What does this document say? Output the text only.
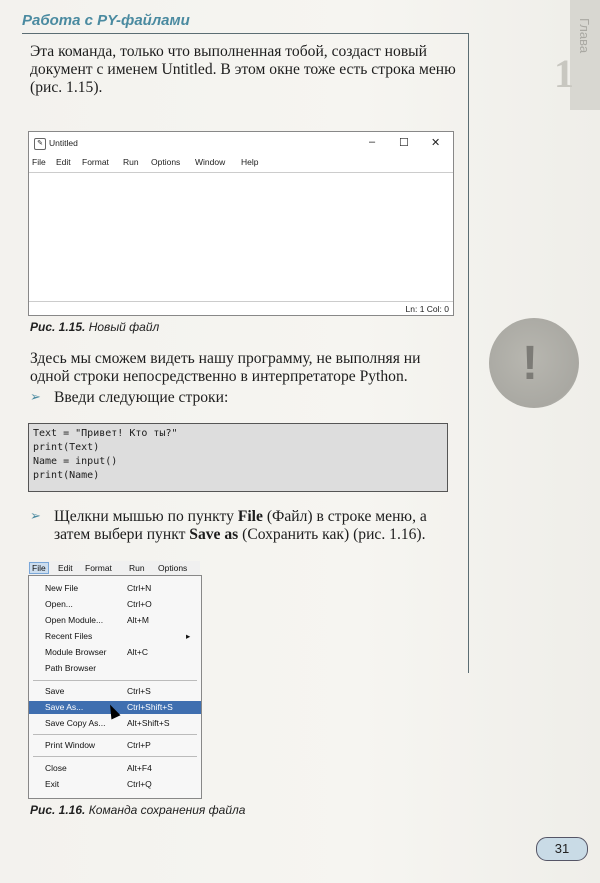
Глава
1
Работа с PY-файлами
!
Эта команда, только что выполненная тобой, создаст новый документ с именем Untitled. В этом окне тоже есть строка меню (рис. 1.15).
✎ Untitled	– ☐ ✕
File Edit Format Run Options Window Help
Ln: 1 Col: 0
Рис. 1.15. Новый файл
Здесь мы сможем видеть нашу программу, не выполняя ни одной строки непосредственно в интерпретаторе Python.
➢ Введи следующие строки:
Text = "Привет! Кто ты?"
print(Text)
Name = input()
print(Name)
➢ Щелкни мышью по пункту File (Файл) в строке меню, а затем выбери пункт Save as (Сохранить как) (рис. 1.16).
File	Edit Format Run Options
New File	Ctrl+N
Open...	Ctrl+O
Open Module...	Alt+M
Recent Files	▸
Module Browser Alt+C
Path Browser
Save	Ctrl+S
Save As...	Ctrl+Shift+S
Save Copy As...	Alt+Shift+S
Print Window	Ctrl+P
Close	Alt+F4
Exit	Ctrl+Q
Рис. 1.16. Команда сохранения файла
31
